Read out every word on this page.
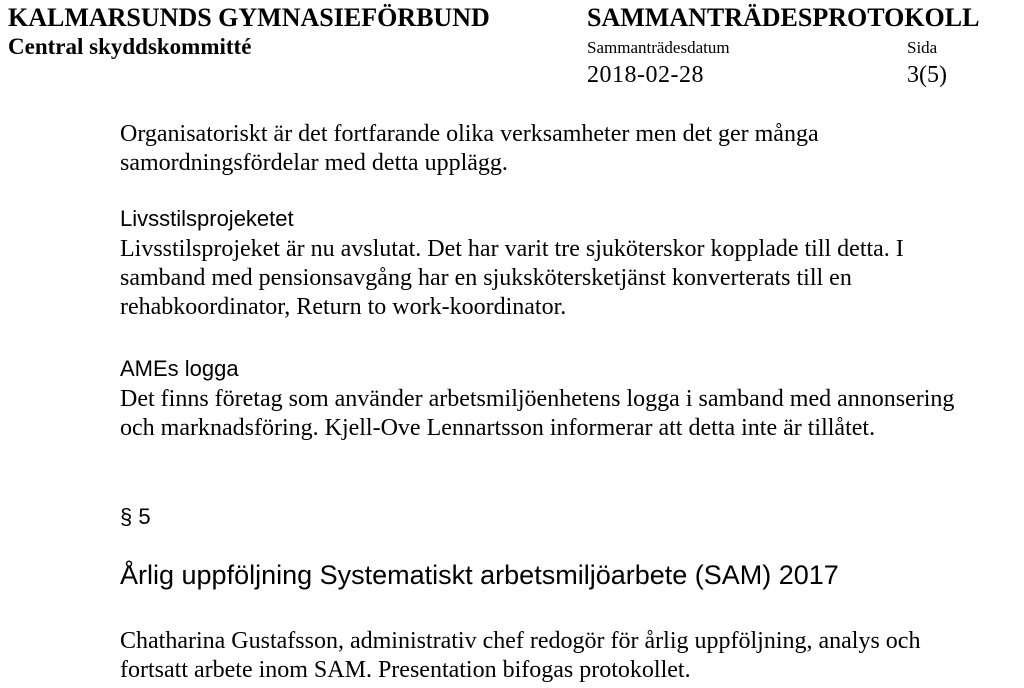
KALMARSUNDS GYMNASIEFÖRBUND
Central skyddskommitté
SAMMANTRÄDESPROTOKOLL
Sammanträdesdatum	Sida
2018-02-28	3(5)
Organisatoriskt är det fortfarande olika verksamheter men det ger många
samordningsfördelar med detta upplägg.
Livsstilsprojeketet
Livsstilsprojeket är nu avslutat. Det har varit tre sjuköterskor kopplade till detta. I
samband med pensionsavgång har en sjukskötersketjänst konverterats till en
rehabkoordinator, Return to work-koordinator.
AMEs logga
Det finns företag som använder arbetsmiljöenhetens logga i samband med annonsering
och marknadsföring. Kjell-Ove Lennartsson informerar att detta inte är tillåtet.
§ 5
Årlig uppföljning Systematiskt arbetsmiljöarbete (SAM) 2017
Chatharina Gustafsson, administrativ chef redogör för årlig uppföljning, analys och
fortsatt arbete inom SAM. Presentation bifogas protokollet.
